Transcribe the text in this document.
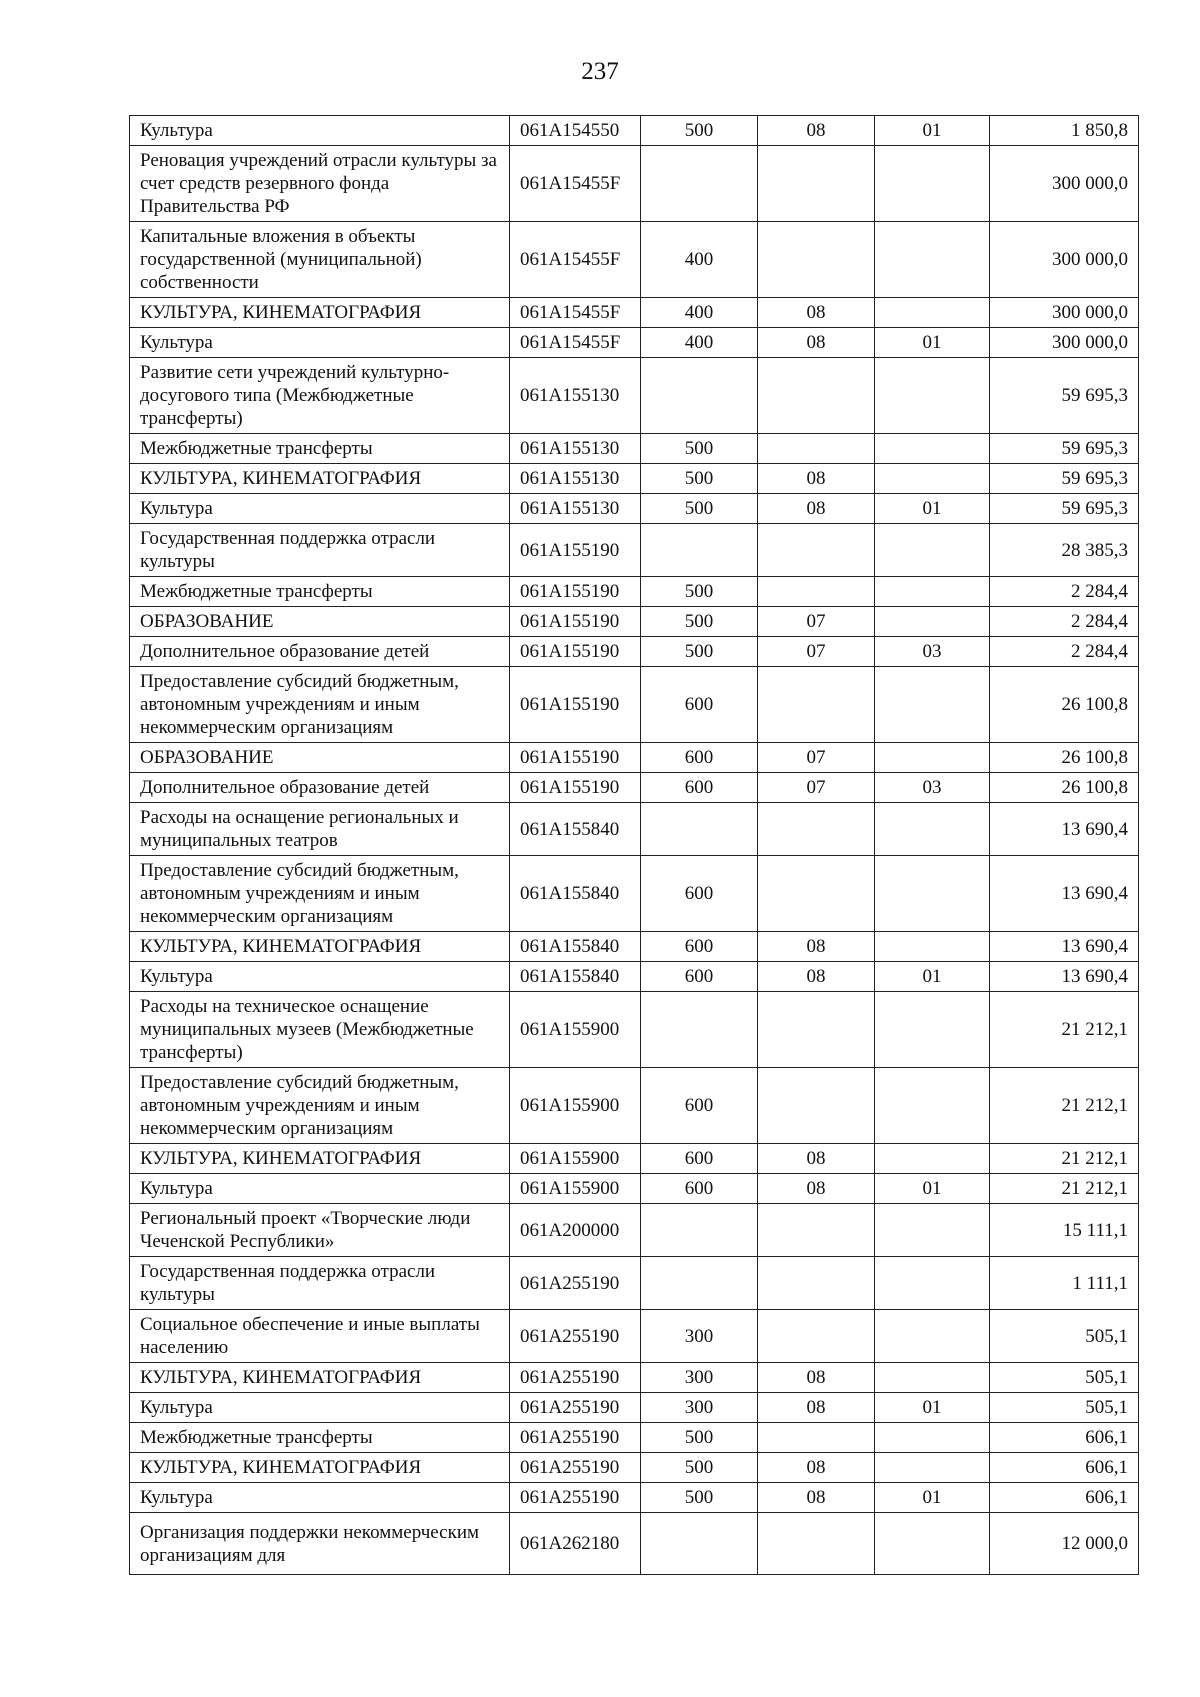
237
Культура	061А154550	500	08	01	1 850,8
Реновация учреждений отрасли культуры за счет средств резервного фонда Правительства РФ	061А15455F				300 000,0
Капитальные вложения в объекты государственной (муниципальной) собственности	061А15455F	400			300 000,0
КУЛЬТУРА, КИНЕМАТОГРАФИЯ	061А15455F	400	08		300 000,0
Культура	061А15455F	400	08	01	300 000,0
Развитие сети учреждений культурно-досугового типа (Межбюджетные трансферты)	061А155130				59 695,3
Межбюджетные трансферты	061А155130	500			59 695,3
КУЛЬТУРА, КИНЕМАТОГРАФИЯ	061А155130	500	08		59 695,3
Культура	061А155130	500	08	01	59 695,3
Государственная поддержка отрасли культуры	061А155190				28 385,3
Межбюджетные трансферты	061А155190	500			2 284,4
ОБРАЗОВАНИЕ	061А155190	500	07		2 284,4
Дополнительное образование детей	061А155190	500	07	03	2 284,4
Предоставление субсидий бюджетным, автономным учреждениям и иным некоммерческим организациям	061А155190	600			26 100,8
ОБРАЗОВАНИЕ	061А155190	600	07		26 100,8
Дополнительное образование детей	061А155190	600	07	03	26 100,8
Расходы на оснащение региональных и муниципальных театров	061А155840				13 690,4
Предоставление субсидий бюджетным, автономным учреждениям и иным некоммерческим организациям	061А155840	600			13 690,4
КУЛЬТУРА, КИНЕМАТОГРАФИЯ	061А155840	600	08		13 690,4
Культура	061А155840	600	08	01	13 690,4
Расходы на техническое оснащение муниципальных музеев (Межбюджетные трансферты)	061А155900				21 212,1
Предоставление субсидий бюджетным, автономным учреждениям и иным некоммерческим организациям	061А155900	600			21 212,1
КУЛЬТУРА, КИНЕМАТОГРАФИЯ	061А155900	600	08		21 212,1
Культура	061А155900	600	08	01	21 212,1
Региональный проект «Творческие люди Чеченской Республики»	061А200000				15 111,1
Государственная поддержка отрасли культуры	061А255190				1 111,1
Социальное обеспечение и иные выплаты населению	061А255190	300			505,1
КУЛЬТУРА, КИНЕМАТОГРАФИЯ	061А255190	300	08		505,1
Культура	061А255190	300	08	01	505,1
Межбюджетные трансферты	061А255190	500			606,1
КУЛЬТУРА, КИНЕМАТОГРАФИЯ	061А255190	500	08		606,1
Культура	061А255190	500	08	01	606,1
Организация поддержки некоммерческим организациям для	061А262180				12 000,0
